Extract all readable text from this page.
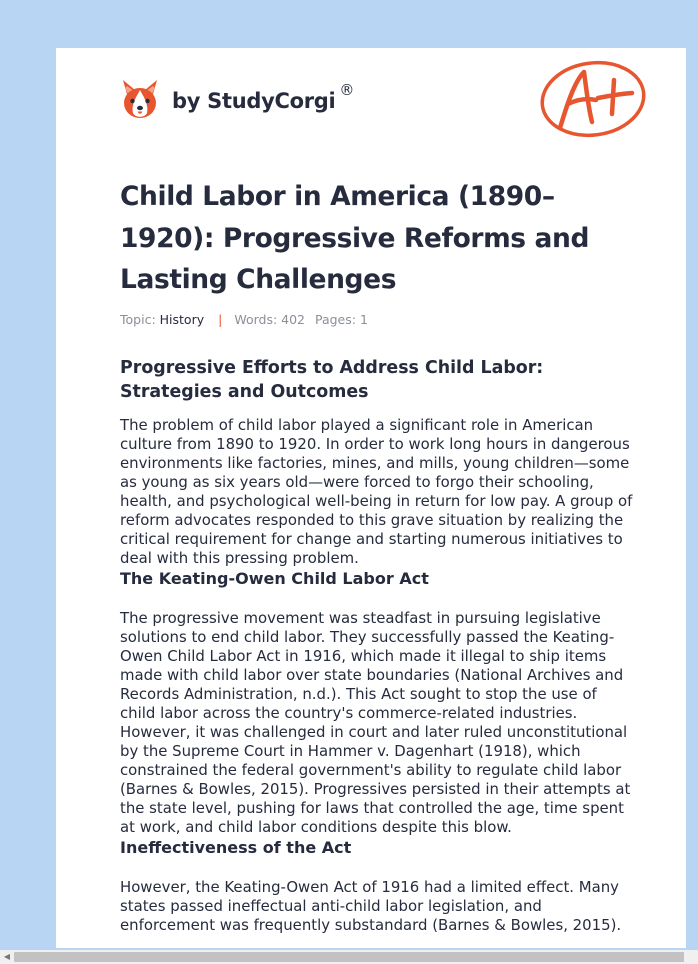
by StudyCorgi ®
Child Labor in America (1890–1920): Progressive Reforms and Lasting Challenges
Topic: History | Words: 402 Pages: 1
Progressive Efforts to Address Child Labor: Strategies and Outcomes

The problem of child labor played a significant role in American culture from 1890 to 1920. In order to work long hours in dangerous environments like factories, mines, and mills, young children—some as young as six years old—were forced to forgo their schooling, health, and psychological well-being in return for low pay. A group of reform advocates responded to this grave situation by realizing the critical requirement for change and starting numerous initiatives to deal with this pressing problem.

The Keating-Owen Child Labor Act

The progressive movement was steadfast in pursuing legislative solutions to end child labor. They successfully passed the Keating-Owen Child Labor Act in 1916, which made it illegal to ship items made with child labor over state boundaries (National Archives and Records Administration, n.d.). This Act sought to stop the use of child labor across the country's commerce-related industries. However, it was challenged in court and later ruled unconstitutional by the Supreme Court in Hammer v. Dagenhart (1918), which constrained the federal government's ability to regulate child labor (Barnes & Bowles, 2015). Progressives persisted in their attempts at the state level, pushing for laws that controlled the age, time spent at work, and child labor conditions despite this blow.

Ineffectiveness of the Act

However, the Keating-Owen Act of 1916 had a limited effect. Many states passed ineffectual anti-child labor legislation, and enforcement was frequently substandard (Barnes & Bowles, 2015).

◀
